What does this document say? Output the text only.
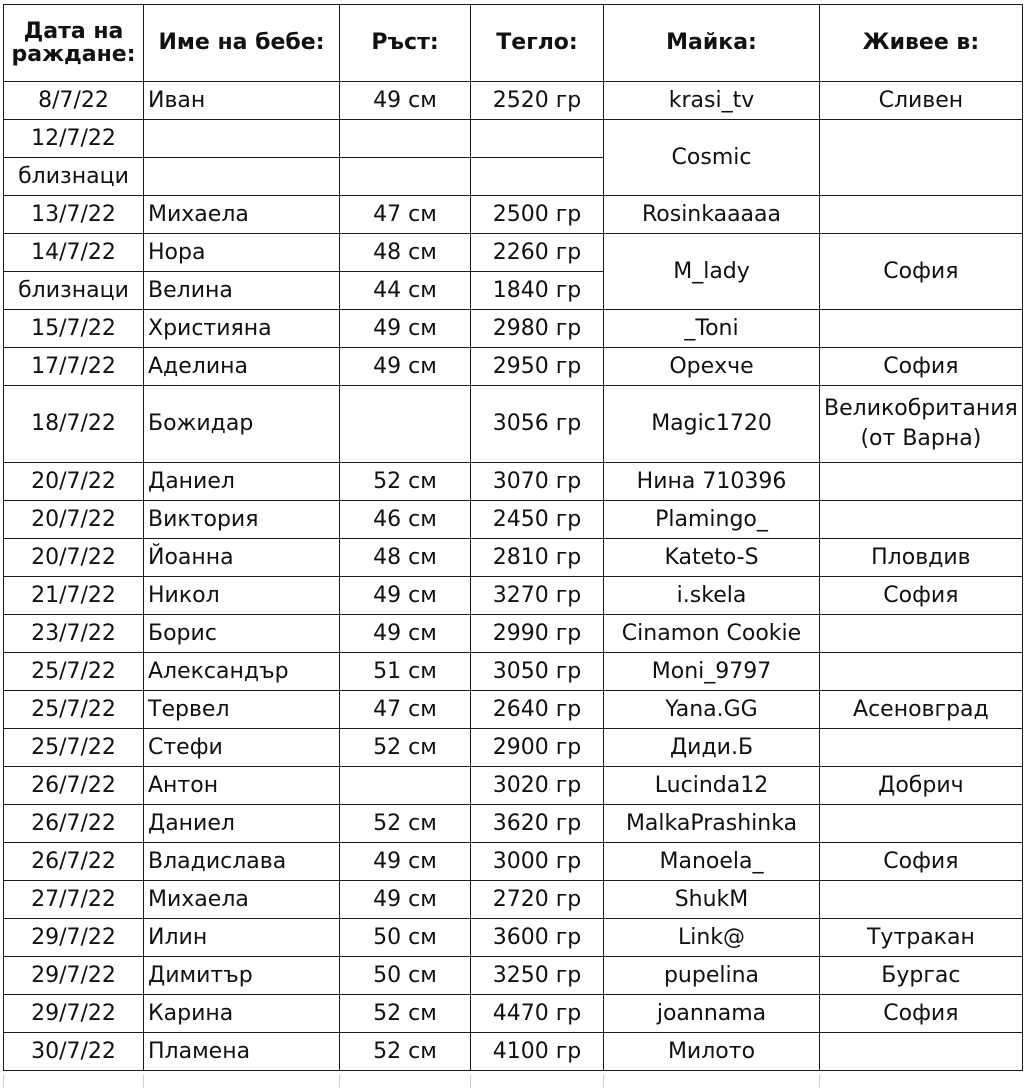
Дата на раждане:	Име на бебе:	Ръст:	Тегло:	Майка:	Живее в:
8/7/22	Иван	49 см	2520 гр	krasi_tv	Сливен
12/7/22				Cosmic	
близнаци					
13/7/22	Михаела	47 см	2500 гр	Rosinkaaaaa	
14/7/22	Нора	48 см	2260 гр	M_lady	София
близнаци	Велина	44 см	1840 гр		
15/7/22	Християна	49 см	2980 гр	_Toni	
17/7/22	Аделина	49 см	2950 гр	Орехче	София
18/7/22	Божидар		3056 гр	Magic1720	Великобритания (от Варна)
20/7/22	Даниел	52 см	3070 гр	Нина 710396	
20/7/22	Виктория	46 см	2450 гр	Plamingo_	
20/7/22	Йоанна	48 см	2810 гр	Kateto-S	Пловдив
21/7/22	Никол	49 см	3270 гр	i.skela	София
23/7/22	Борис	49 см	2990 гр	Cinamon Cookie	
25/7/22	Александър	51 см	3050 гр	Moni_9797	
25/7/22	Тервел	47 см	2640 гр	Yana.GG	Асеновград
25/7/22	Стефи	52 см	2900 гр	Диди.Б	
26/7/22	Антон		3020 гр	Lucinda12	Добрич
26/7/22	Даниел	52 см	3620 гр	MalkaPrashinka	
26/7/22	Владислава	49 см	3000 гр	Manoela_	София
27/7/22	Михаела	49 см	2720 гр	ShukM	
29/7/22	Илин	50 см	3600 гр	Link@	Тутракан
29/7/22	Димитър	50 см	3250 гр	pupelina	Бургас
29/7/22	Карина	52 см	4470 гр	joannama	София
30/7/22	Пламена	52 см	4100 гр	Милото	
